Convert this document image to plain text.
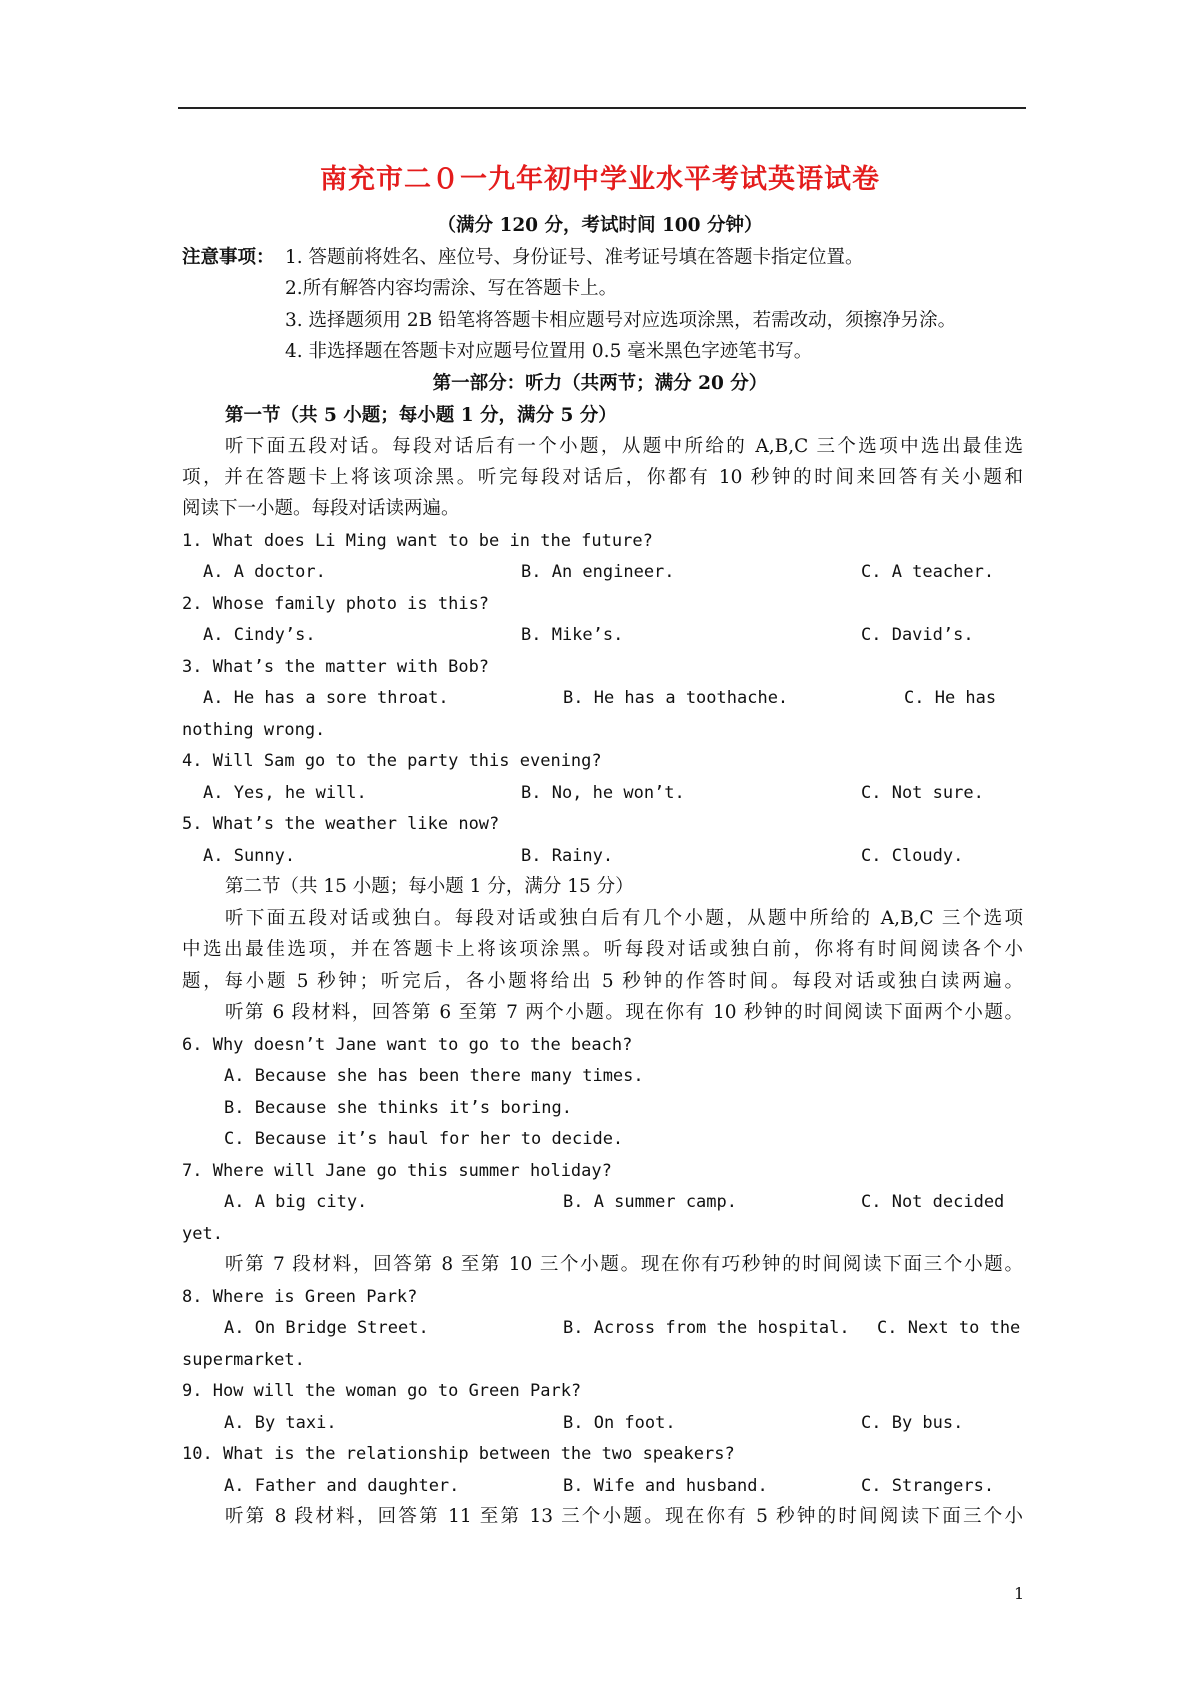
南充市二０一九年初中学业水平考试英语试卷
（满分 120 分，考试时间 100 分钟）
注意事项： 1. 答题前将姓名、座位号、身份证号、准考证号填在答题卡指定位置。
2.所有解答内容均需涂、写在答题卡上。
3. 选择题须用 2B 铅笔将答题卡相应题号对应选项涂黑，若需改动，须擦净另涂。
4. 非选择题在答题卡对应题号位置用 0.5 毫米黑色字迹笔书写。
第一部分：听力（共两节；满分 20 分）
第一节（共 5 小题；每小题 1 分，满分 5 分）
听下面五段对话。每段对话后有一个小题，从题中所给的 A,B,C 三个选项中选出最佳选
项，并在答题卡上将该项涂黑。听完每段对话后，你都有 10 秒钟的时间来回答有关小题和
阅读下一小题。每段对话读两遍。
1. What does Li Ming want to be in the future?
A. A doctor.	B. An engineer.	C. A teacher.
2. Whose family photo is this?
A. Cindy’s.	B. Mike’s.	C. David’s.
3. What’s the matter with Bob?
A. He has a sore throat.	B. He has a toothache.	C. He has
nothing wrong.
4. Will Sam go to the party this evening?
A. Yes, he will.	B. No, he won’t.	C. Not sure.
5. What’s the weather like now?
A. Sunny.	B. Rainy.	C. Cloudy.
第二节（共 15 小题；每小题 1 分，满分 15 分）
听下面五段对话或独白。每段对话或独白后有几个小题，从题中所给的 A,B,C 三个选项
中选出最佳选项，并在答题卡上将该项涂黑。听每段对话或独白前，你将有时间阅读各个小
题，每小题 5 秒钟；听完后，各小题将给出 5 秒钟的作答时间。每段对话或独白读两遍。
听第 6 段材料，回答第 6 至第 7 两个小题。现在你有 10 秒钟的时间阅读下面两个小题。
6. Why doesn’t Jane want to go to the beach?
A. Because she has been there many times.
B. Because she thinks it’s boring.
C. Because it’s haul for her to decide.
7. Where will Jane go this summer holiday?
A. A big city.	B. A summer camp.	C. Not decided
yet.
听第 7 段材料，回答第 8 至第 10 三个小题。现在你有巧秒钟的时间阅读下面三个小题。
8. Where is Green Park?
A. On Bridge Street.	B. Across from the hospital. C. Next to the
supermarket.
9. How will the woman go to Green Park?
A. By taxi.	B. On foot.	C. By bus.
10. What is the relationship between the two speakers?
A. Father and daughter.	B. Wife and husband.	C. Strangers.
听第 8 段材料，回答第 11 至第 13 三个小题。现在你有 5 秒钟的时间阅读下面三个小
1
